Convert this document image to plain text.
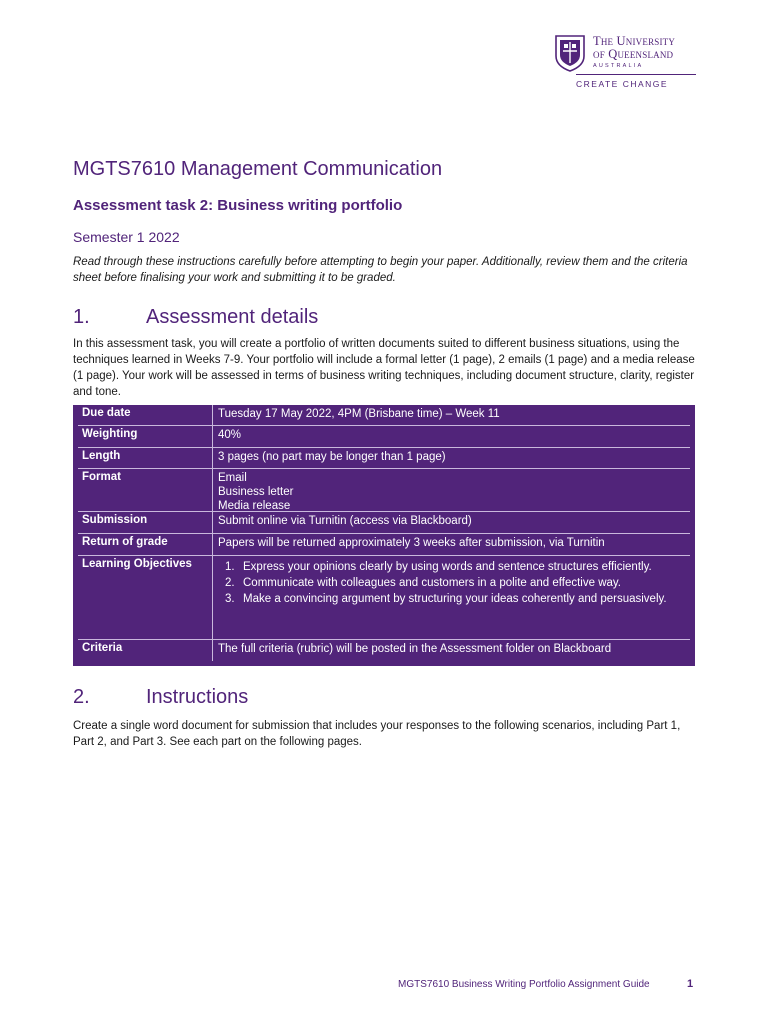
The University
of Queensland
AUSTRALIA
CREATE CHANGE
MGTS7610 Management Communication
Assessment task 2: Business writing portfolio
Semester 1 2022
Read through these instructions carefully before attempting to begin your paper. Additionally, review them and the criteria sheet before finalising your work and submitting it to be graded.
1.	Assessment details
In this assessment task, you will create a portfolio of written documents suited to different business situations, using the techniques learned in Weeks 7-9. Your portfolio will include a formal letter (1 page), 2 emails (1 page) and a media release (1 page). Your work will be assessed in terms of business writing techniques, including document structure, clarity, register and tone.
Due date	Tuesday 17 May 2022, 4PM (Brisbane time) – Week 11
Weighting	40%
Length	3 pages (no part may be longer than 1 page)
Format	Email
Business letter
Media release
Submission	Submit online via Turnitin (access via Blackboard)
Return of grade	Papers will be returned approximately 3 weeks after submission, via Turnitin
Learning Objectives	1. Express your opinions clearly by using words and sentence structures efficiently.
2. Communicate with colleagues and customers in a polite and effective way.
3. Make a convincing argument by structuring your ideas coherently and persuasively.
Criteria	The full criteria (rubric) will be posted in the Assessment folder on Blackboard
2.	Instructions
Create a single word document for submission that includes your responses to the following scenarios, including Part 1, Part 2, and Part 3. See each part on the following pages.
MGTS7610 Business Writing Portfolio Assignment Guide	1
